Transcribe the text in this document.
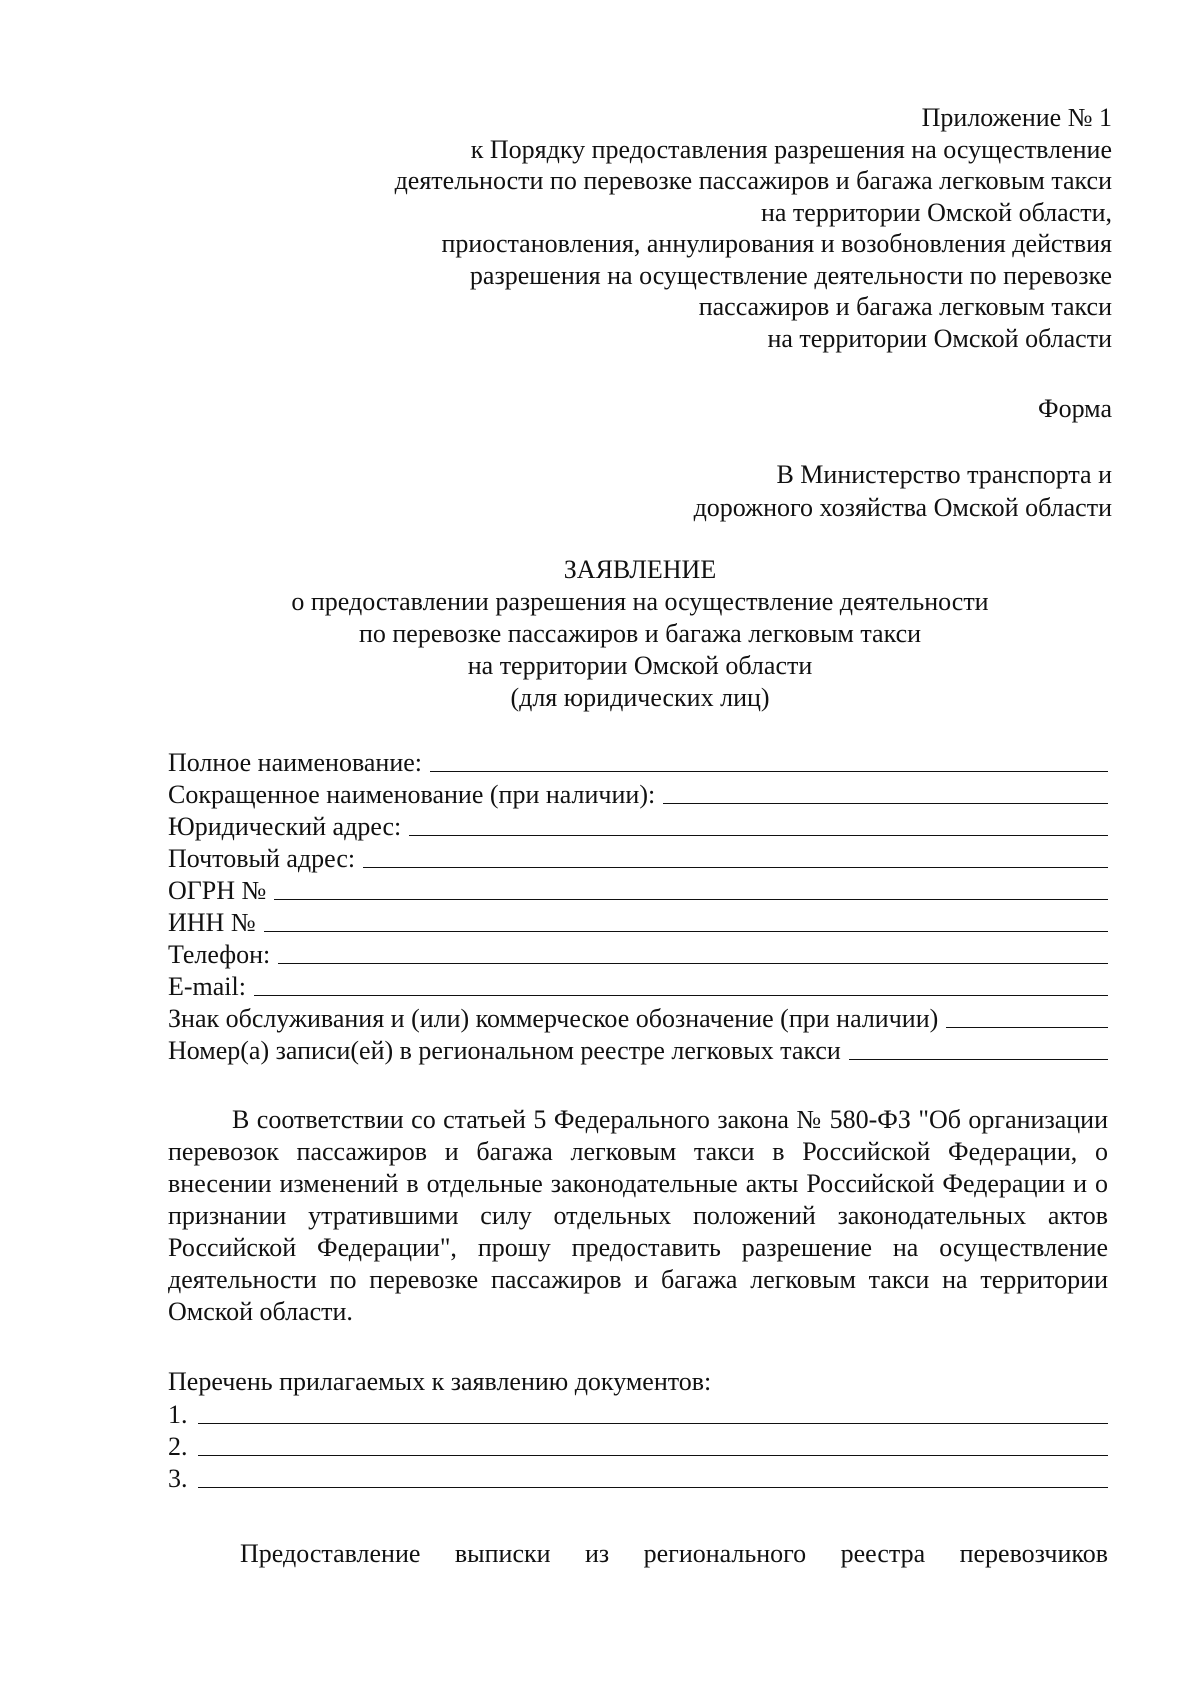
Приложение № 1
к Порядку предоставления разрешения на осуществление
деятельности по перевозке пассажиров и багажа легковым такси
на территории Омской области,
приостановления, аннулирования и возобновления действия
разрешения на осуществление деятельности по перевозке
пассажиров и багажа легковым такси
на территории Омской области
Форма
В Министерство транспорта и
дорожного хозяйства Омской области
ЗАЯВЛЕНИЕ
о предоставлении разрешения на осуществление деятельности
по перевозке пассажиров и багажа легковым такси
на территории Омской области
(для юридических лиц)
Полное наименование:
Сокращенное наименование (при наличии):
Юридический адрес:
Почтовый адрес:
ОГРН №
ИНН №
Телефон:
E-mail:
Знак обслуживания и (или) коммерческое обозначение (при наличии)
Номер(а) записи(ей) в региональном реестре легковых такси
В соответствии со статьей 5 Федерального закона № 580-ФЗ "Об организации перевозок пассажиров и багажа легковым такси в Российской Федерации, о внесении изменений в отдельные законодательные акты Российской Федерации и о признании утратившими силу отдельных положений законодательных актов Российской Федерации", прошу предоставить разрешение на осуществление деятельности по перевозке пассажиров и багажа легковым такси на территории Омской области.
Перечень прилагаемых к заявлению документов:
1.
2.
3.
Предоставление выписки из регионального реестра перевозчиков
